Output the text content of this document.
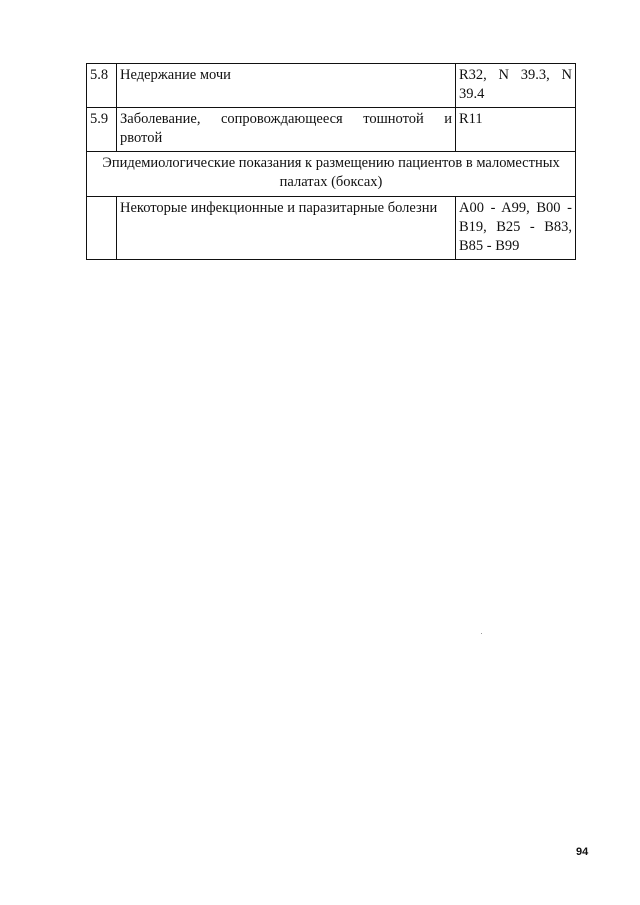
5.8	Недержание мочи	R32, N 39.3, N
39.4

5.9	Заболевание, сопровождающееся тошнотой и
рвотой	R11

Эпидемиологические показания к размещению пациентов в маломестных
палатах (боксах)		

	Некоторые инфекционные и паразитарные болезни	A00 - A99, B00 -
B19, B25 - B83,
B85 - B99
94
